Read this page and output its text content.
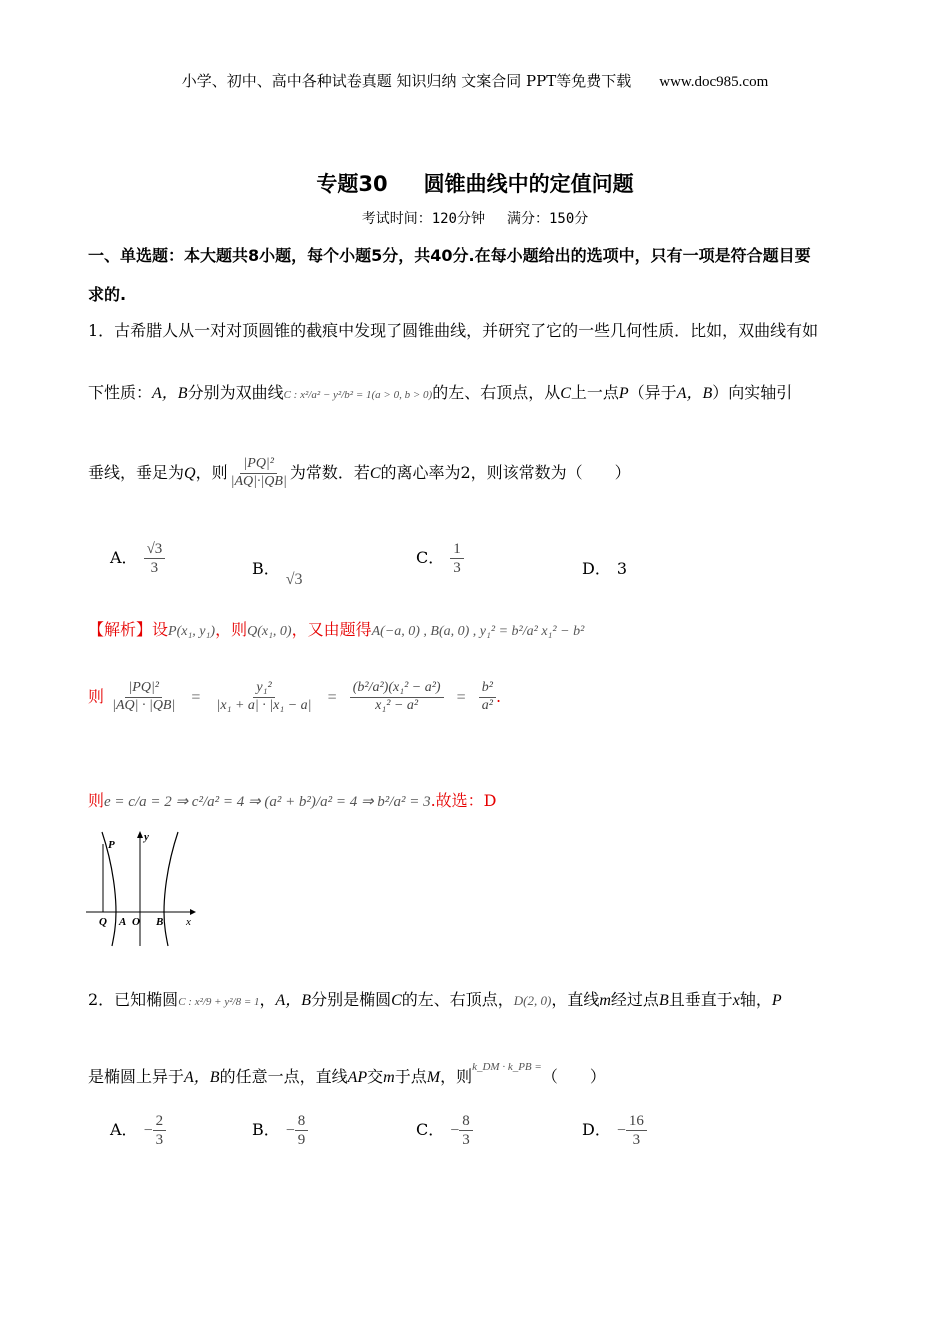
小学、初中、高中各种试卷真题 知识归纳 文案合同 PPT等免费下载 www.doc985.com
专题30 圆锥曲线中的定值问题
考试时间：120分钟 满分：150分
一、单选题：本大题共8小题，每个小题5分，共40分.在每小题给出的选项中，只有一项是符合题目要
求的.
1．古希腊人从一对对顶圆锥的截痕中发现了圆锥曲线，并研究了它的一些几何性质．比如，双曲线有如
下性质：A，B分别为双曲线C : x²/a² − y²/b² = 1(a > 0, b > 0)的左、右顶点，从C上一点P（异于A，B）向实轴引
垂线，垂足为Q，则 $\frac{\text{|PQ|²}}{|AQ|\cdot|QB|}$ 为常数．若C的离心率为2，则该常数为（　　）
A． $\frac{√3}{3}$	B．√3
C． $\frac{1}{3}$	D． 3
【解析】设P(x₁, y₁)，则Q(x₁, 0)，又由题得A(−a, 0) , B(a, 0) , y₁² = b²/a² x₁² − b²
则 $\frac{\text{|PQ|²}}{|AQ| \cdot |QB|} = \frac{\text{y₁²}}{\text{|x₁ + a| · |x₁ − a|}} = \frac{\text{(b²/a²)(x₁² − a²)}}{\text{x₁² − a²}} = \frac{\text{b²}}{\text{a²}}$ .
则e = c/a = 2 ⇒ c²/a² = 4 ⇒ (a² + b²)/a² = 4 ⇒ b²/a² = 3.故选：D
P
y
Q A O B x
2．已知椭圆C : x²/9 + y²/8 = 1，A，B分别是椭圆C的左、右顶点，D(2, 0)，直线m经过点B且垂直于x轴，P
是椭圆上异于A，B的任意一点，直线AP交m于点M，则$^{k\_DM \cdot k\_PB =}$（　　）
A． − $\frac{2}{3}$	B． − $\frac{8}{9}$	C． − $\frac{8}{3}$	D． − $\frac{16}{3}$
